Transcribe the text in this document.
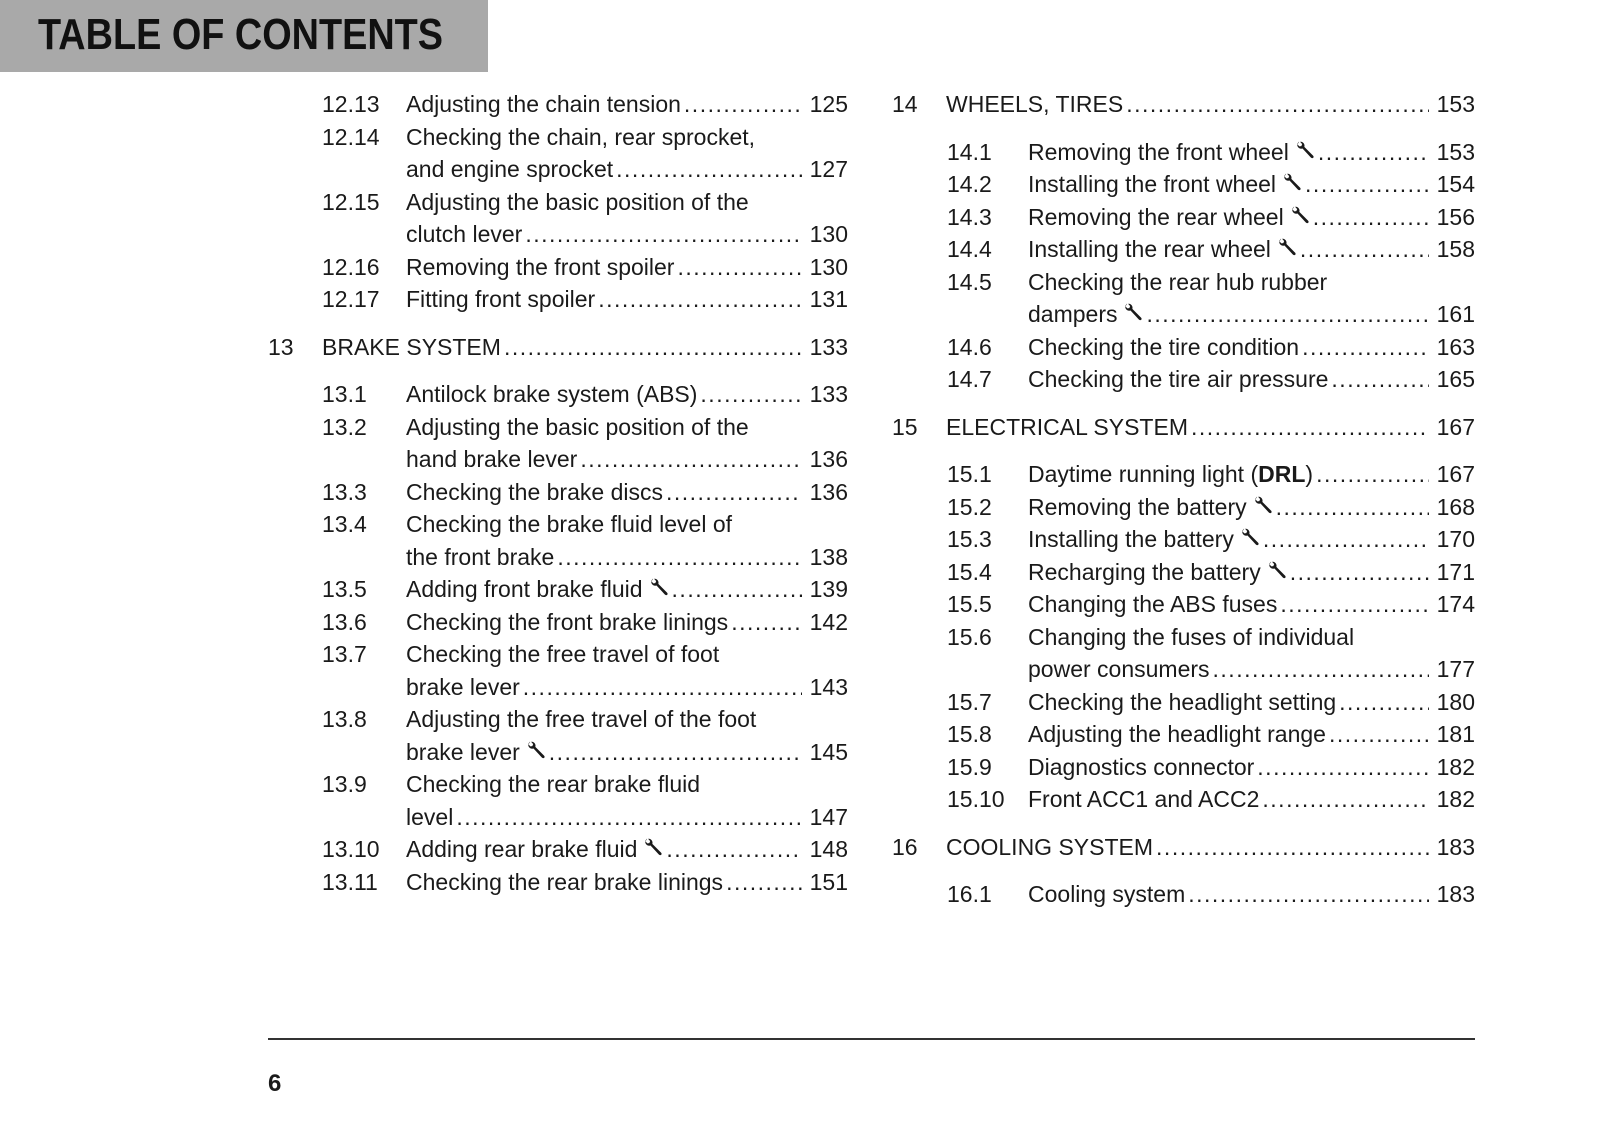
TABLE OF CONTENTS
12.13 Adjusting the chain tension .....	125
12.14 Checking the chain, rear sprocket,
and engine sprocket .....	127
12.15 Adjusting the basic position of the
clutch lever .....	130
12.16 Removing the front spoiler .....	130
12.17 Fitting front spoiler .....	131
13 BRAKE SYSTEM .....	133
13.1 Antilock brake system (ABS) .....	133
13.2 Adjusting the basic position of the
hand brake lever .....	136
13.3 Checking the brake discs .....	136
13.4 Checking the brake fluid level of
the front brake .....	138
13.5 Adding front brake fluid .....	139
13.6 Checking the front brake linings .....	142
13.7 Checking the free travel of foot
brake lever .....	143
13.8 Adjusting the free travel of the foot
brake lever .....	145
13.9 Checking the rear brake fluid
level .....	147
13.10 Adding rear brake fluid .....	148
13.11 Checking the rear brake linings .....	151
14 WHEELS, TIRES .....	153
14.1 Removing the front wheel .....	153
14.2 Installing the front wheel .....	154
14.3 Removing the rear wheel .....	156
14.4 Installing the rear wheel .....	158
14.5 Checking the rear hub rubber
dampers .....	161
14.6 Checking the tire condition .....	163
14.7 Checking the tire air pressure .....	165
15 ELECTRICAL SYSTEM .....	167
15.1 Daytime running light ( DRL ) .....	167
15.2 Removing the battery .....	168
15.3 Installing the battery .....	170
15.4 Recharging the battery .....	171
15.5 Changing the ABS fuses .....	174
15.6 Changing the fuses of individual
power consumers .....	177
15.7 Checking the headlight setting .....	180
15.8 Adjusting the headlight range .....	181
15.9 Diagnostics connector .....	182
15.10 Front ACC1 and ACC2 .....	182
16 COOLING SYSTEM .....	183
16.1 Cooling system .....	183
6
